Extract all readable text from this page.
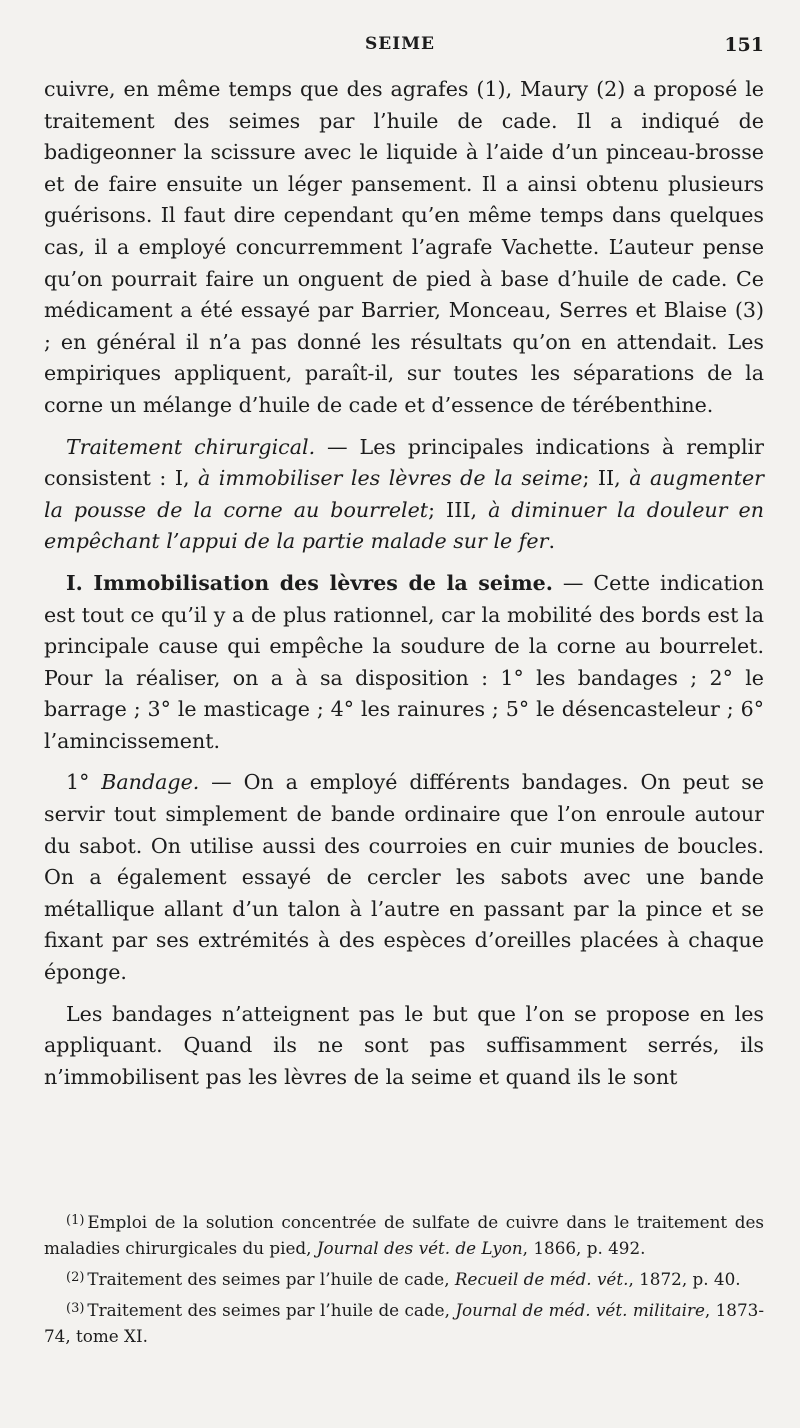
SEIME	151

cuivre, en même temps que des agrafes (1), Maury (2) a proposé le traitement des seimes par l’huile de cade. Il a indiqué de badigeonner la scissure avec le liquide à l’aide d’un pinceau-brosse et de faire ensuite un léger pansement. Il a ainsi obtenu plusieurs guérisons. Il faut dire cependant qu’en même temps dans quelques cas, il a employé concurremment l’agrafe Vachette. L’auteur pense qu’on pourrait faire un onguent de pied à base d’huile de cade. Ce médicament a été essayé par Barrier, Monceau, Serres et Blaise (3) ; en général il n’a pas donné les résultats qu’on en attendait. Les empiriques appliquent, paraît-il, sur toutes les séparations de la corne un mélange d’huile de cade et d’essence de térébenthine.

Traitement chirurgical. — Les principales indications à remplir consistent : I, à immobiliser les lèvres de la seime; II, à augmenter la pousse de la corne au bourrelet; III, à diminuer la douleur en empêchant l’appui de la partie malade sur le fer.

I. Immobilisation des lèvres de la seime. — Cette indication est tout ce qu’il y a de plus rationnel, car la mobilité des bords est la principale cause qui empêche la soudure de la corne au bourrelet. Pour la réaliser, on a à sa disposition : 1° les bandages ; 2° le barrage ; 3° le masticage ; 4° les rainures ; 5° le désencasteleur ; 6° l’amincissement.

1° Bandage. — On a employé différents bandages. On peut se servir tout simplement de bande ordinaire que l’on enroule autour du sabot. On utilise aussi des courroies en cuir munies de boucles. On a également essayé de cercler les sabots avec une bande métallique allant d’un talon à l’autre en passant par la pince et se fixant par ses extrémités à des espèces d’oreilles placées à chaque éponge.

Les bandages n’atteignent pas le but que l’on se propose en les appliquant. Quand ils ne sont pas suffisamment serrés, ils n’immobilisent pas les lèvres de la seime et quand ils le sont

$^{(1)}$ Emploi de la solution concentrée de sulfate de cuivre dans le traitement des maladies chirurgicales du pied, Journal des vét. de Lyon, 1866, p. 492.

$^{(2)}$ Traitement des seimes par l’huile de cade, Recueil de méd. vét., 1872, p. 40.

$^{(3)}$ Traitement des seimes par l’huile de cade, Journal de méd. vét. militaire, 1873-74, tome XI.
